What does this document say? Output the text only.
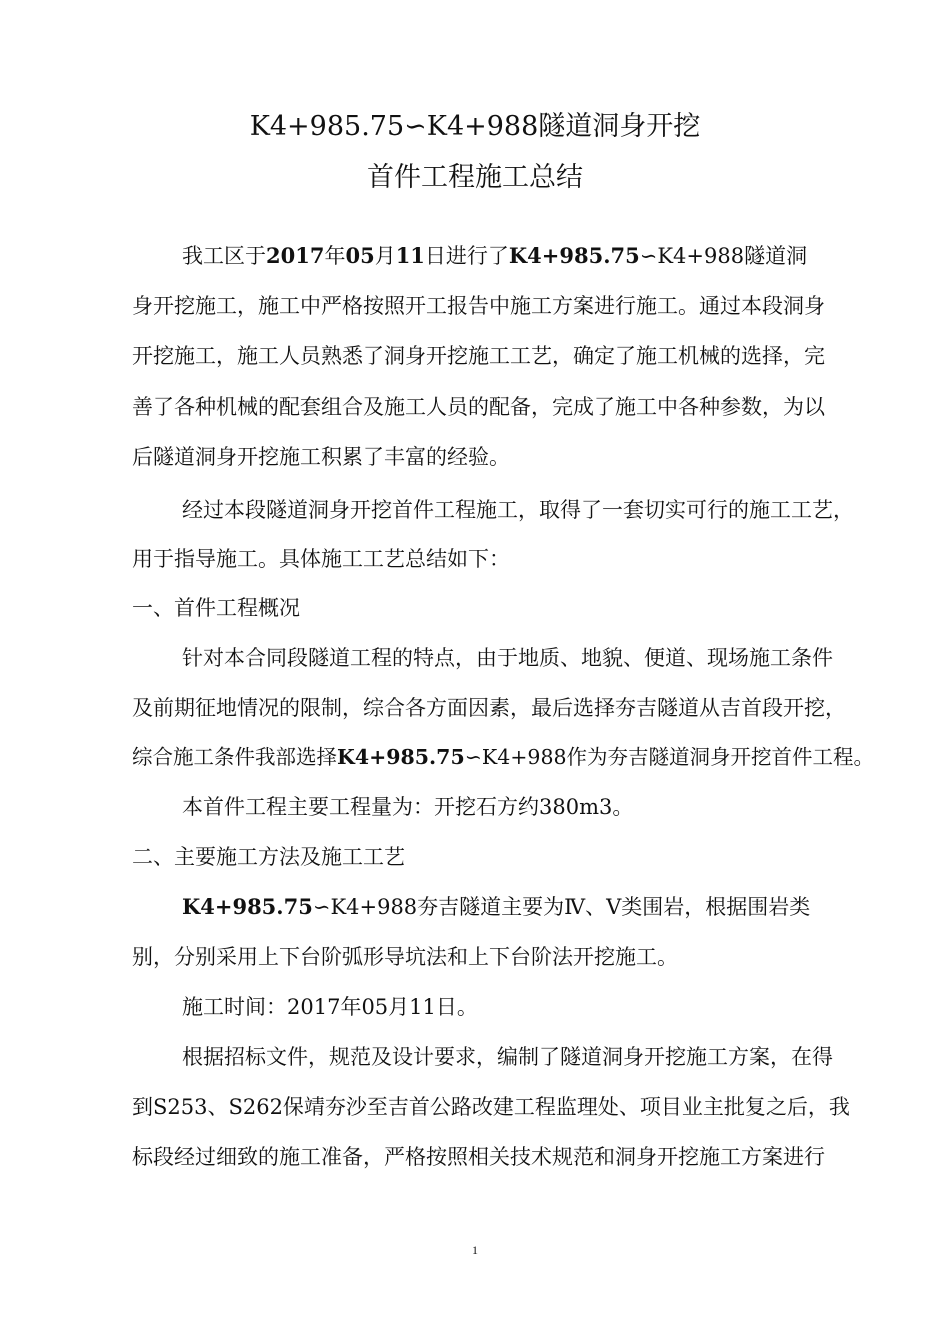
K4+985.75∽K4+988隧道洞身开挖
首件工程施工总结
我工区于2017年05月11日进行了K4+985.75∽K4+988隧道洞
身开挖施工，施工中严格按照开工报告中施工方案进行施工。通过本段洞身
开挖施工，施工人员熟悉了洞身开挖施工工艺，确定了施工机械的选择，完
善了各种机械的配套组合及施工人员的配备，完成了施工中各种参数，为以
后隧道洞身开挖施工积累了丰富的经验。
经过本段隧道洞身开挖首件工程施工，取得了一套切实可行的施工工艺，
用于指导施工。具体施工工艺总结如下：
一、首件工程概况
针对本合同段隧道工程的特点，由于地质、地貌、便道、现场施工条件
及前期征地情况的限制，综合各方面因素，最后选择夯吉隧道从吉首段开挖，
综合施工条件我部选择K4+985.75∽K4+988作为夯吉隧道洞身开挖首件工程。
本首件工程主要工程量为：开挖石方约380m3。
二、主要施工方法及施工工艺
K4+985.75∽K4+988夯吉隧道主要为Ⅳ、Ⅴ类围岩，根据围岩类
别，分别采用上下台阶弧形导坑法和上下台阶法开挖施工。
施工时间：2017年05月11日。
根据招标文件，规范及设计要求，编制了隧道洞身开挖施工方案，在得
到S253、S262保靖夯沙至吉首公路改建工程监理处、项目业主批复之后，我
标段经过细致的施工准备，严格按照相关技术规范和洞身开挖施工方案进行
1
